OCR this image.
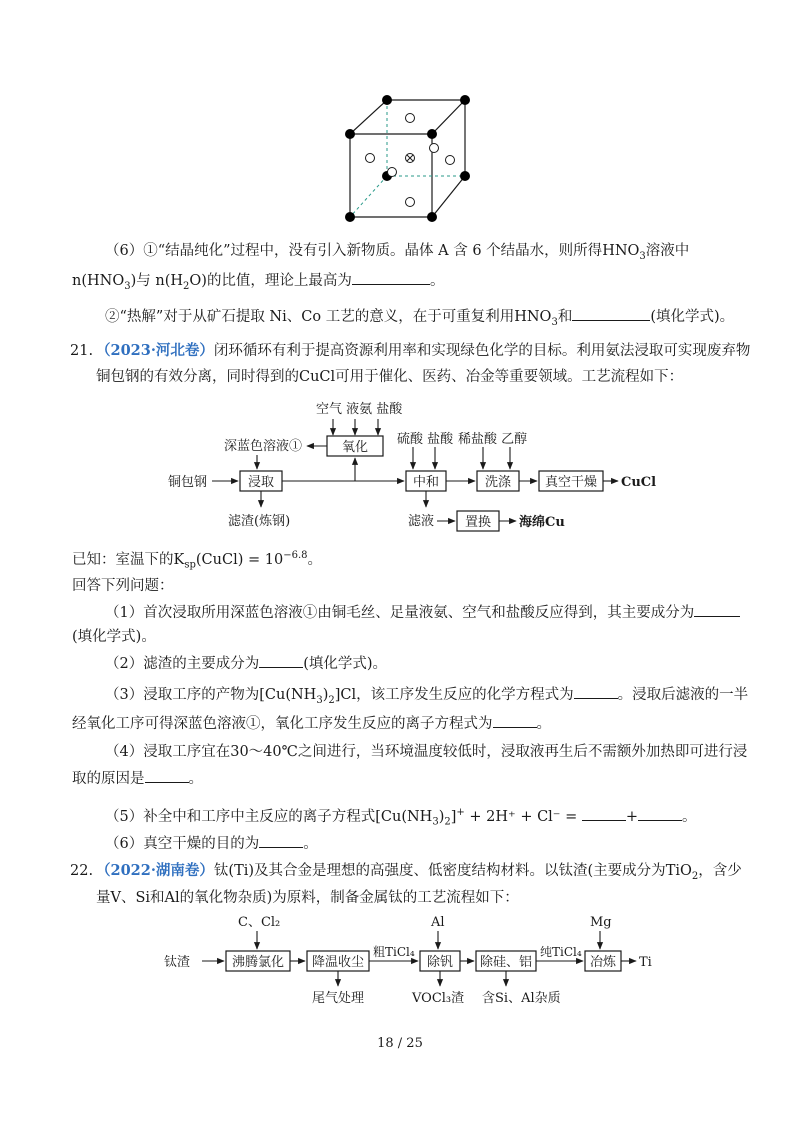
（6）①“结晶纯化”过程中，没有引入新物质。晶体 A 含 6 个结晶水，则所得$HNO_3$溶液中
$n(HNO_3)$与 $n(H_2O)$的比值，理论上最高为	。
②“热解”对于从矿石提取 Ni、Co 工艺的意义，在于可重复利用$HNO_3$和	(填化学式)。
21. （2023·河北卷）闭环循环有利于提高资源利用率和实现绿色化学的目标。利用氨法浸取可实现废弃物
铜包钢的有效分离，同时得到的CuCl可用于催化、医药、冶金等重要领域。工艺流程如下：
空气 液氨 盐酸
氧化
深蓝色溶液①
铜包钢	浸取
滤渣(炼钢)
硫酸 盐酸
中和
稀盐酸 乙醇
洗涤	真空干燥 CuCl
滤液 置换 海绵Cu
已知：室温下的$K_{sp}(CuCl) = 10^{-6.8}$。
回答下列问题：
（1）首次浸取所用深蓝色溶液①由铜毛丝、足量液氨、空气和盐酸反应得到，其主要成分为
(填化学式)。
（2）滤渣的主要成分为	(填化学式)。
（3）浸取工序的产物为$[Cu(NH_3)_2]Cl$，该工序发生反应的化学方程式为	。浸取后滤液的一半
经氧化工序可得深蓝色溶液①，氧化工序发生反应的离子方程式为	。
（4）浸取工序宜在30～40℃之间进行，当环境温度较低时，浸取液再生后不需额外加热即可进行浸
取的原因是	。
（5）补全中和工序中主反应的离子方程式$[Cu(NH_3)_2]^+ + 2H^+ + Cl^-$ =	+	。
（6）真空干燥的目的为	。
22. （2022·湖南卷）钛(Ti)及其合金是理想的高强度、低密度结构材料。以钛渣(主要成分为TiO$_2$，含少
量V、Si和Al的氧化物杂质)为原料，制备金属钛的工艺流程如下：
C、Cl₂
钛渣	沸腾氯化 降温收尘
尾气处理
粗TiCl₄
Al
除钒
VOCl₃渣
除硅、铝
含Si、Al杂质
纯TiCl₄
Mg
冶炼 Ti
18 / 25
